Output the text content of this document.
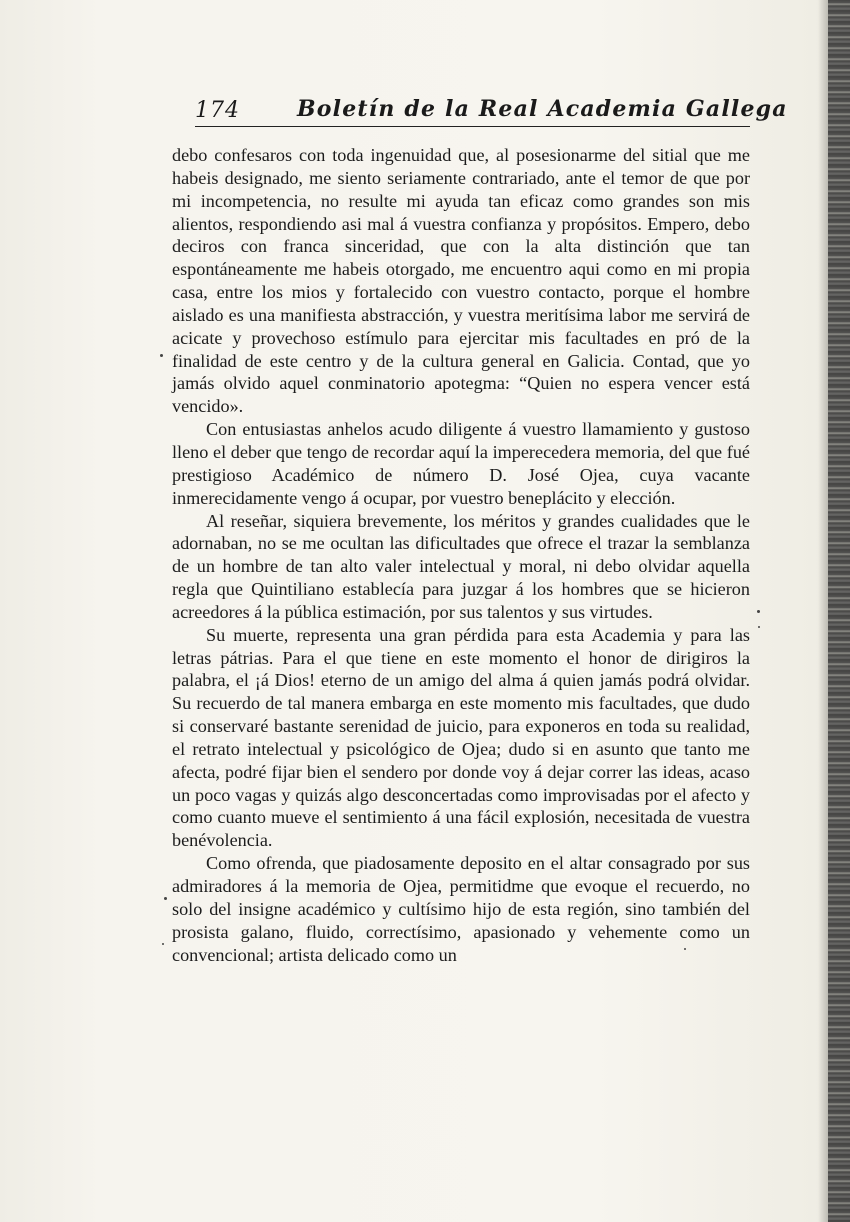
174	Boletín de la Real Academia Gallega

debo confesaros con toda ingenuidad que, al posesionarme del sitial que me habeis designado, me siento seriamente contrariado, ante el temor de que por mi incompetencia, no resulte mi ayuda tan eficaz como grandes son mis alientos, respondiendo asi mal á vuestra confianza y propósitos. Empero, debo deciros con franca sinceridad, que con la alta distinción que tan espontáneamente me habeis otorgado, me encuentro aqui como en mi propia casa, entre los mios y fortalecido con vuestro contacto, porque el hombre aislado es una manifiesta abstracción, y vuestra meritísima labor me servirá de acicate y provechoso estímulo para ejercitar mis facultades en pró de la finalidad de este centro y de la cultura general en Galicia. Contad, que yo jamás olvido aquel conminatorio apotegma: “Quien no espera vencer está vencido».

Con entusiastas anhelos acudo diligente á vuestro llamamiento y gustoso lleno el deber que tengo de recordar aquí la imperecedera memoria, del que fué prestigioso Académico de número D. José Ojea, cuya vacante inmerecidamente vengo á ocupar, por vuestro beneplácito y elección.

Al reseñar, siquiera brevemente, los méritos y grandes cualidades que le adornaban, no se me ocultan las dificultades que ofrece el trazar la semblanza de un hombre de tan alto valer intelectual y moral, ni debo olvidar aquella regla que Quintiliano establecía para juzgar á los hombres que se hicieron acreedores á la pública estimación, por sus talentos y sus virtudes.

Su muerte, representa una gran pérdida para esta Academia y para las letras pátrias. Para el que tiene en este momento el honor de dirigiros la palabra, el ¡á Dios! eterno de un amigo del alma á quien jamás podrá olvidar. Su recuerdo de tal manera embarga en este momento mis facultades, que dudo si conservaré bastante serenidad de juicio, para exponeros en toda su realidad, el retrato intelectual y psicológico de Ojea; dudo si en asunto que tanto me afecta, podré fijar bien el sendero por donde voy á dejar correr las ideas, acaso un poco vagas y quizás algo desconcertadas como improvisadas por el afecto y como cuanto mueve el sentimiento á una fácil explosión, necesitada de vuestra benévolencia.

Como ofrenda, que piadosamente deposito en el altar consagrado por sus admiradores á la memoria de Ojea, permitidme que evoque el recuerdo, no solo del insigne académico y cultísimo hijo de esta región, sino también del prosista galano, fluido, correctísimo, apasionado y vehemente como un convencional; artista delicado como un
